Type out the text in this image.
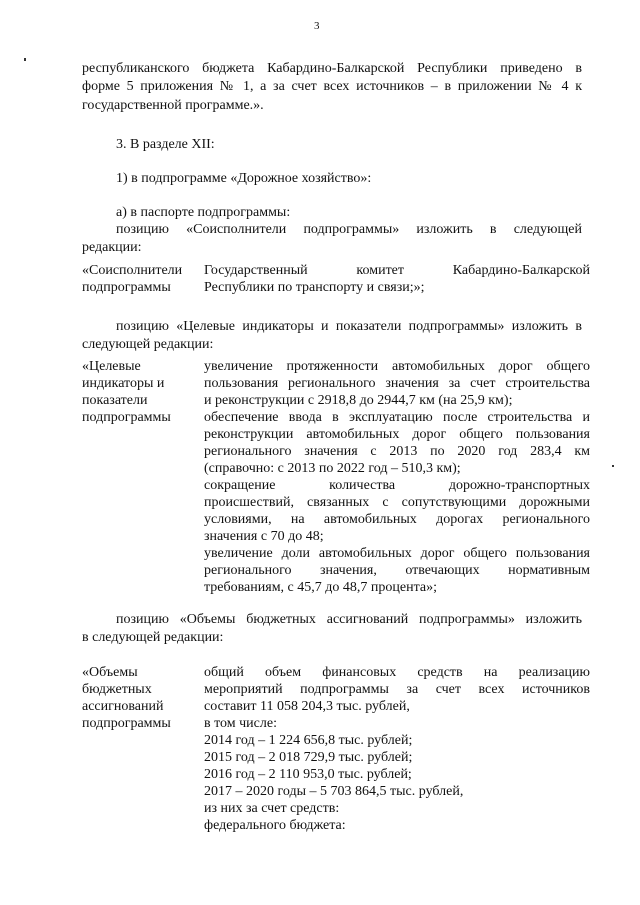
3

республиканского бюджета Кабардино-Балкарской Республики приведено в

форме 5 приложения № 1, а за счет всех источников – в приложении № 4 к

государственной программе.».

3. В разделе XII:

1) в подпрограмме «Дорожное хозяйство»:

а) в паспорте подпрограммы:

позицию «Соисполнители подпрограммы» изложить в следующей

редакции:

«Соисполнители
подпрограммы
Государственный комитет Кабардино-Балкарской
Республики по транспорту и связи;»;

позицию «Целевые индикаторы и показатели подпрограммы» изложить в

следующей редакции:

«Целевые
индикаторы и
показатели
подпрограммы
увеличение протяженности автомобильных дорог общего
пользования регионального значения за счет строительства
и реконструкции с 2918,8 до 2944,7 км (на 25,9 км);
обеспечение ввода в эксплуатацию после строительства и
реконструкции автомобильных дорог общего пользования
регионального значения с 2013 по 2020 год 283,4 км
(справочно: с 2013 по 2022 год – 510,3 км);
сокращение количества дорожно-транспортных
происшествий, связанных с сопутствующими дорожными
условиями, на автомобильных дорогах регионального
значения с 70 до 48;
увеличение доли автомобильных дорог общего пользования
регионального значения, отвечающих нормативным
требованиям, с 45,7 до 48,7 процента»;

позицию «Объемы бюджетных ассигнований подпрограммы» изложить

в следующей редакции:

«Объемы
бюджетных
ассигнований
подпрограммы
общий объем финансовых средств на реализацию
мероприятий подпрограммы за счет всех источников
составит 11 058 204,3 тыс. рублей,
в том числе:
2014 год – 1 224 656,8 тыс. рублей;
2015 год – 2 018 729,9 тыс. рублей;
2016 год – 2 110 953,0 тыс. рублей;
2017 – 2020 годы – 5 703 864,5 тыс. рублей,
из них за счет средств:
федерального бюджета:
